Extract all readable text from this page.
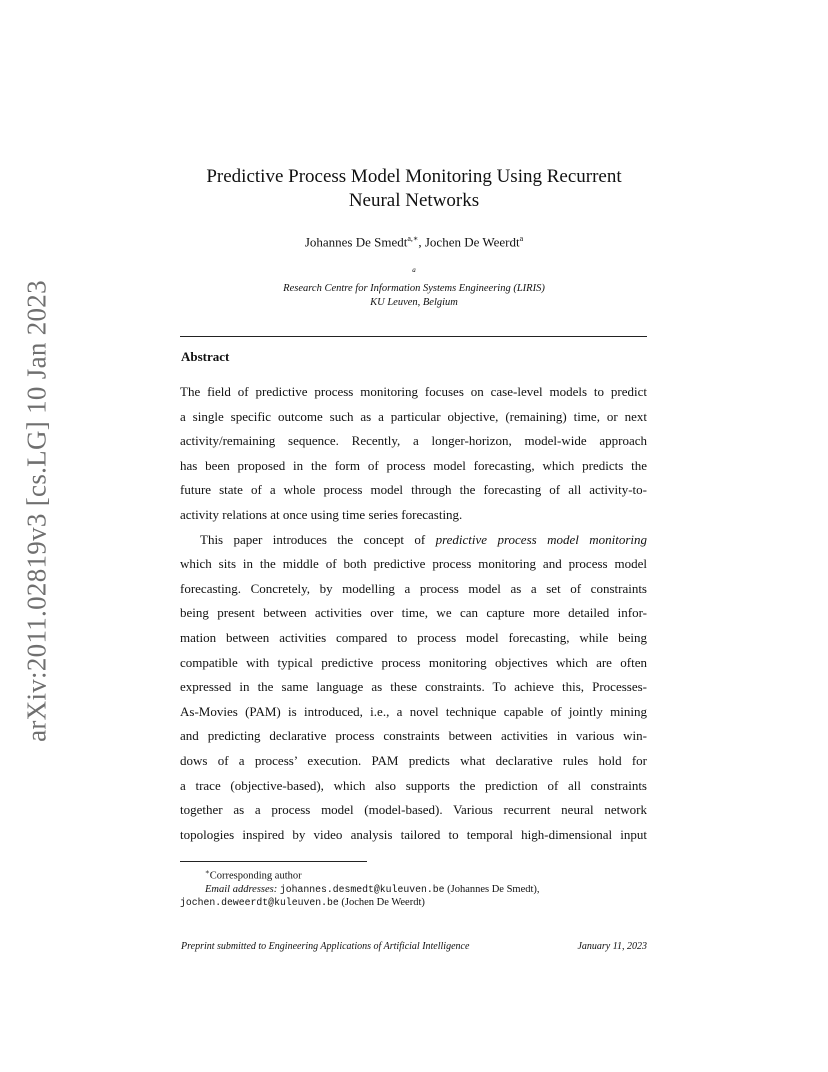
arXiv:2011.02819v3 [cs.LG] 10 Jan 2023
Predictive Process Model Monitoring Using Recurrent
Neural Networks
Johannes De Smedt$^{a,∗}$, Jochen De Weerdt$^a$
$^a$
Research Centre for Information Systems Engineering (LIRIS)
KU Leuven, Belgium
Abstract

The field of predictive process monitoring focuses on case-level models to predict
a single specific outcome such as a particular objective, (remaining) time, or next
activity/remaining sequence. Recently, a longer-horizon, model-wide approach
has been proposed in the form of process model forecasting, which predicts the
future state of a whole process model through the forecasting of all activity-to-
activity relations at once using time series forecasting.

This paper introduces the concept of predictive process model monitoring
which sits in the middle of both predictive process monitoring and process model
forecasting. Concretely, by modelling a process model as a set of constraints
being present between activities over time, we can capture more detailed infor-
mation between activities compared to process model forecasting, while being
compatible with typical predictive process monitoring objectives which are often
expressed in the same language as these constraints. To achieve this, Processes-
As-Movies (PAM) is introduced, i.e., a novel technique capable of jointly mining
and predicting declarative process constraints between activities in various win-
dows of a process’ execution. PAM predicts what declarative rules hold for
a trace (objective-based), which also supports the prediction of all constraints
together as a process model (model-based). Various recurrent neural network
topologies inspired by video analysis tailored to temporal high-dimensional input

∗Corresponding author
Email addresses: johannes.desmedt@kuleuven.be (Johannes De Smedt),
jochen.deweerdt@kuleuven.be (Jochen De Weerdt)
Preprint submitted to Engineering Applications of Artificial Intelligence	January 11, 2023
